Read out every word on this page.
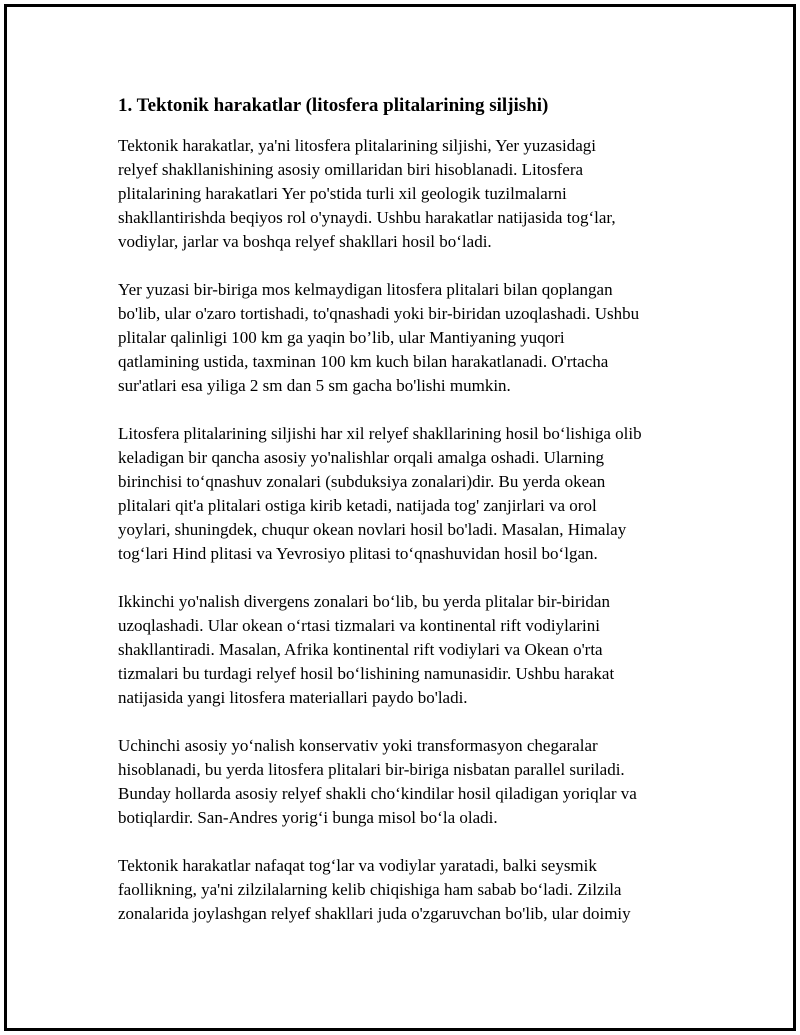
1. Tektonik harakatlar (litosfera plitalarining siljishi)

Tektonik harakatlar, ya'ni litosfera plitalarining siljishi, Yer yuzasidagi
relyef shakllanishining asosiy omillaridan biri hisoblanadi. Litosfera
plitalarining harakatlari Yer po'stida turli xil geologik tuzilmalarni
shakllantirishda beqiyos rol o'ynaydi. Ushbu harakatlar natijasida tog‘lar,
vodiylar, jarlar va boshqa relyef shakllari hosil bo‘ladi.

Yer yuzasi bir-biriga mos kelmaydigan litosfera plitalari bilan qoplangan
bo'lib, ular o'zaro tortishadi, to'qnashadi yoki bir-biridan uzoqlashadi. Ushbu
plitalar qalinligi 100 km ga yaqin bo’lib, ular Mantiyaning yuqori
qatlamining ustida, taxminan 100 km kuch bilan harakatlanadi. O'rtacha
sur'atlari esa yiliga 2 sm dan 5 sm gacha bo'lishi mumkin.

Litosfera plitalarining siljishi har xil relyef shakllarining hosil bo‘lishiga olib
keladigan bir qancha asosiy yo'nalishlar orqali amalga oshadi. Ularning
birinchisi to‘qnashuv zonalari (subduksiya zonalari)dir. Bu yerda okean
plitalari qit'a plitalari ostiga kirib ketadi, natijada tog' zanjirlari va orol
yoylari, shuningdek, chuqur okean novlari hosil bo'ladi. Masalan, Himalay
tog‘lari Hind plitasi va Yevrosiyo plitasi to‘qnashuvidan hosil bo‘lgan.

Ikkinchi yo'nalish divergens zonalari bo‘lib, bu yerda plitalar bir-biridan
uzoqlashadi. Ular okean o‘rtasi tizmalari va kontinental rift vodiylarini
shakllantiradi. Masalan, Afrika kontinental rift vodiylari va Okean o'rta
tizmalari bu turdagi relyef hosil bo‘lishining namunasidir. Ushbu harakat
natijasida yangi litosfera materiallari paydo bo'ladi.

Uchinchi asosiy yo‘nalish konservativ yoki transformasyon chegaralar
hisoblanadi, bu yerda litosfera plitalari bir-biriga nisbatan parallel suriladi.
Bunday hollarda asosiy relyef shakli cho‘kindilar hosil qiladigan yoriqlar va
botiqlardir. San-Andres yorig‘i bunga misol bo‘la oladi.

Tektonik harakatlar nafaqat tog‘lar va vodiylar yaratadi, balki seysmik
faollikning, ya'ni zilzilalarning kelib chiqishiga ham sabab bo‘ladi. Zilzila
zonalarida joylashgan relyef shakllari juda o'zgaruvchan bo'lib, ular doimiy
